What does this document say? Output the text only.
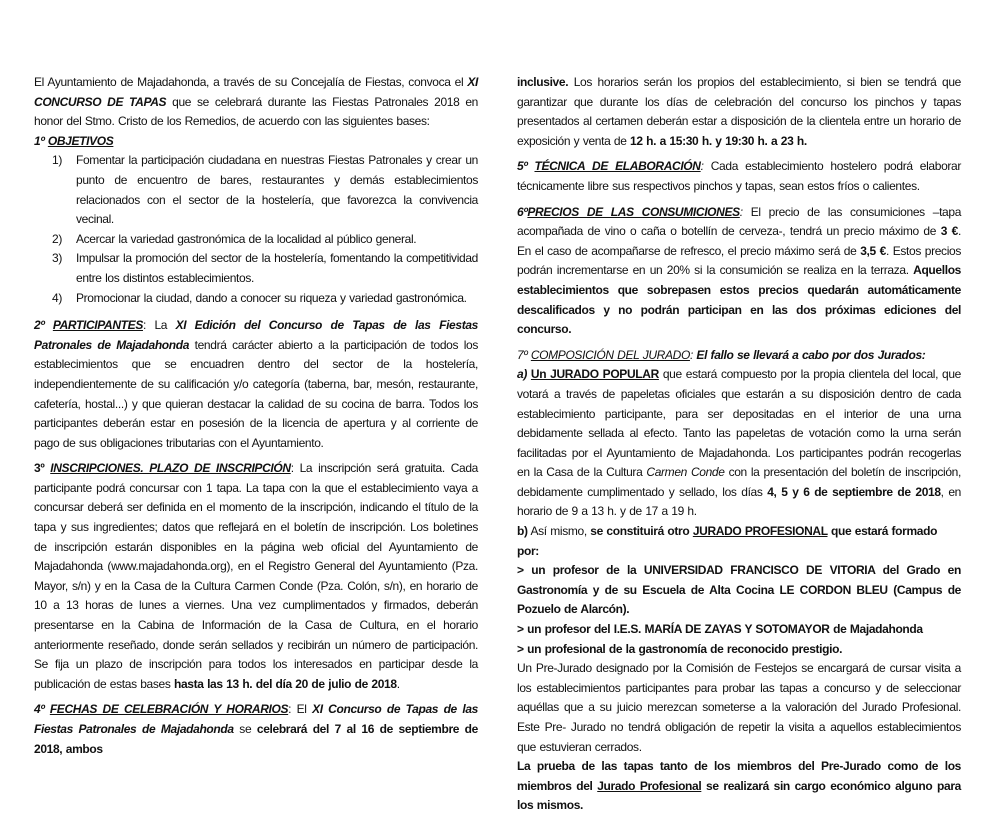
El Ayuntamiento de Majadahonda, a través de su Concejalía de Fiestas, convoca el XI CONCURSO DE TAPAS que se celebrará durante las Fiestas Patronales 2018 en honor del Stmo. Cristo de los Remedios, de acuerdo con las siguientes bases:

1º OBJETIVOS

1) Fomentar la participación ciudadana en nuestras Fiestas Patronales y crear un punto de encuentro de bares, restaurantes y demás establecimientos relacionados con el sector de la hostelería, que favorezca la convivencia vecinal.
2) Acercar la variedad gastronómica de la localidad al público general.
3) Impulsar la promoción del sector de la hostelería, fomentando la competitividad entre los distintos establecimientos.
4) Promocionar la ciudad, dando a conocer su riqueza y variedad gastronómica.

2º PARTICIPANTES: La XI Edición del Concurso de Tapas de las Fiestas Patronales de Majadahonda tendrá carácter abierto a la participación de todos los establecimientos que se encuadren dentro del sector de la hostelería, independientemente de su calificación y/o categoría (taberna, bar, mesón, restaurante, cafetería, hostal...) y que quieran destacar la calidad de su cocina de barra. Todos los participantes deberán estar en posesión de la licencia de apertura y al corriente de pago de sus obligaciones tributarias con el Ayuntamiento.

3º INSCRIPCIONES. PLAZO DE INSCRIPCIÓN: La inscripción será gratuita. Cada participante podrá concursar con 1 tapa. La tapa con la que el establecimiento vaya a concursar deberá ser definida en el momento de la inscripción, indicando el título de la tapa y sus ingredientes; datos que reflejará en el boletín de inscripción. Los boletines de inscripción estarán disponibles en la página web oficial del Ayuntamiento de Majadahonda (www.majadahonda.org), en el Registro General del Ayuntamiento (Pza. Mayor, s/n) y en la Casa de la Cultura Carmen Conde (Pza. Colón, s/n), en horario de 10 a 13 horas de lunes a viernes. Una vez cumplimentados y firmados, deberán presentarse en la Cabina de Información de la Casa de Cultura, en el horario anteriormente reseñado, donde serán sellados y recibirán un número de participación. Se fija un plazo de inscripción para todos los interesados en participar desde la publicación de estas bases hasta las 13 h. del día 20 de julio de 2018.

4º FECHAS DE CELEBRACIÓN Y HORARIOS: El XI Concurso de Tapas de las Fiestas Patronales de Majadahonda se celebrará del 7 al 16 de septiembre de 2018, ambos

inclusive. Los horarios serán los propios del establecimiento, si bien se tendrá que garantizar que durante los días de celebración del concurso los pinchos y tapas presentados al certamen deberán estar a disposición de la clientela entre un horario de exposición y venta de 12 h. a 15:30 h. y 19:30 h. a 23 h.

5º TÉCNICA DE ELABORACIÓN: Cada establecimiento hostelero podrá elaborar técnicamente libre sus respectivos pinchos y tapas, sean estos fríos o calientes.

6ºPRECIOS DE LAS CONSUMICIONES: El precio de las consumiciones –tapa acompañada de vino o caña o botellín de cerveza-, tendrá un precio máximo de 3 €. En el caso de acompañarse de refresco, el precio máximo será de 3,5 €. Estos precios podrán incrementarse en un 20% si la consumición se realiza en la terraza. Aquellos establecimientos que sobrepasen estos precios quedarán automáticamente descalificados y no podrán participan en las dos próximas ediciones del concurso.

7º COMPOSICIÓN DEL JURADO: El fallo se llevará a cabo por dos Jurados:

a) Un JURADO POPULAR que estará compuesto por la propia clientela del local, que votará a través de papeletas oficiales que estarán a su disposición dentro de cada establecimiento participante, para ser depositadas en el interior de una urna debidamente sellada al efecto. Tanto las papeletas de votación como la urna serán facilitadas por el Ayuntamiento de Majadahonda. Los participantes podrán recogerlas en la Casa de la Cultura Carmen Conde con la presentación del boletín de inscripción, debidamente cumplimentado y sellado, los días 4, 5 y 6 de septiembre de 2018, en horario de 9 a 13 h. y de 17 a 19 h.

b) Así mismo, se constituirá otro JURADO PROFESIONAL que estará formado por:

> un profesor de la UNIVERSIDAD FRANCISCO DE VITORIA del Grado en Gastronomía y de su Escuela de Alta Cocina LE CORDON BLEU (Campus de Pozuelo de Alarcón).

> un profesor del I.E.S. MARÍA DE ZAYAS Y SOTOMAYOR de Majadahonda

> un profesional de la gastronomía de reconocido prestigio.

Un Pre-Jurado designado por la Comisión de Festejos se encargará de cursar visita a los establecimientos participantes para probar las tapas a concurso y de seleccionar aquéllas que a su juicio merezcan someterse a la valoración del Jurado Profesional. Este Pre- Jurado no tendrá obligación de repetir la visita a aquellos establecimientos que estuvieran cerrados.

La prueba de las tapas tanto de los miembros del Pre-Jurado como de los miembros del Jurado Profesional se realizará sin cargo económico alguno para los mismos.
